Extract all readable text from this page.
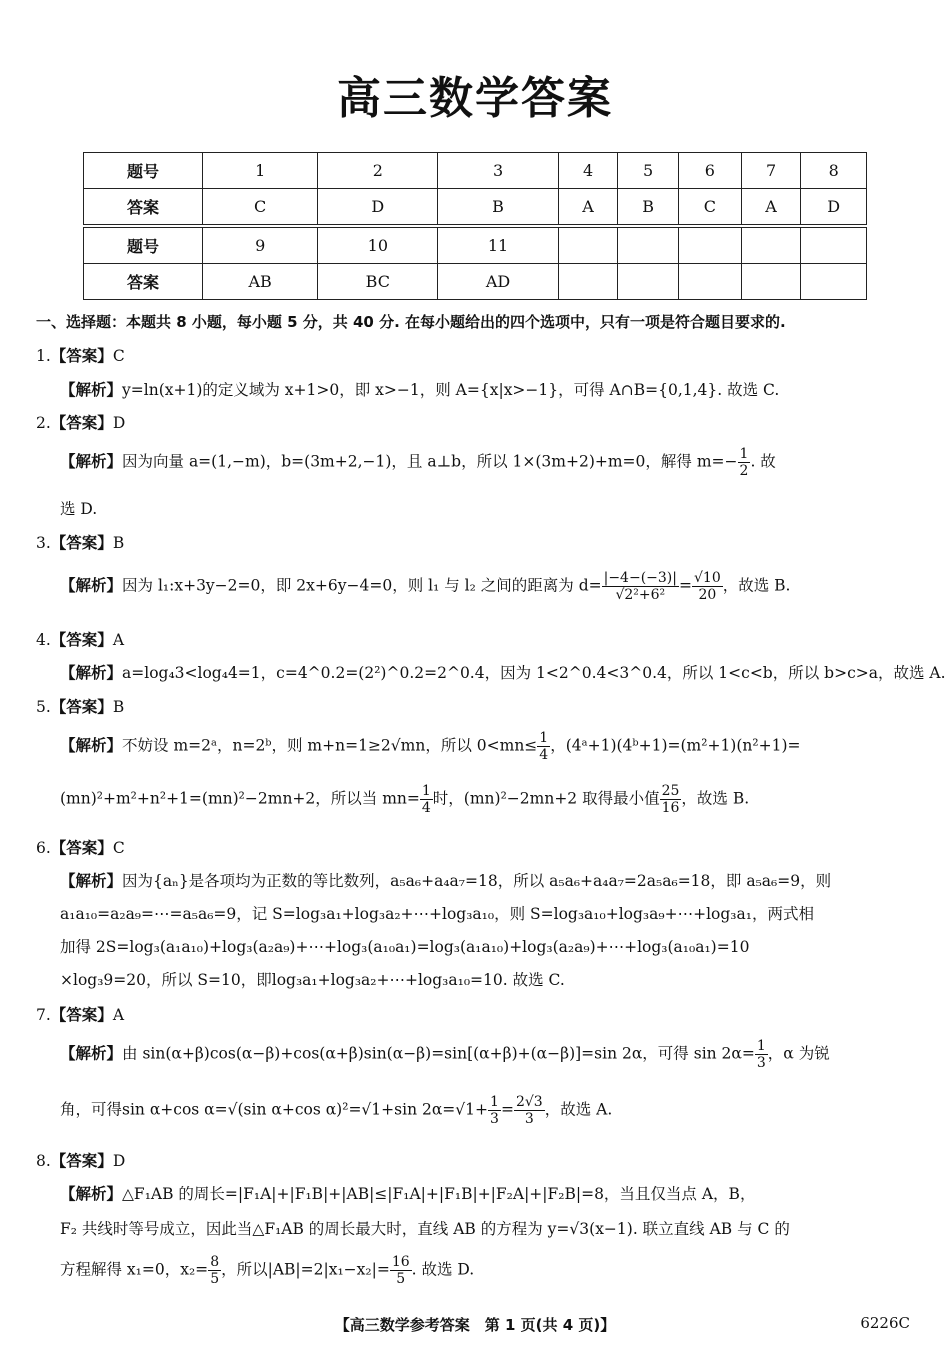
高三数学答案
题号	1	2	3	4	5	6	7	8
答案	C	D	B	A	B	C	A	D
题号	9	10	11					
答案	AB	BC	AD					
一、选择题：本题共 8 小题，每小题 5 分，共 40 分. 在每小题给出的四个选项中，只有一项是符合题目要求的.
1.【答案】C
【解析】y=ln(x+1)的定义域为 x+1>0，即 x>−1，则 A={x|x>−1}，可得 A∩B={0,1,4}. 故选 C.
2.【答案】D
【解析】因为向量 a=(1,−m)，b=(3m+2,−1)，且 a⊥b，所以 1×(3m+2)+m=0，解得 $m=- \frac{1}{2}$ . 故
选 D.
3.【答案】B
【解析】因为 l₁:x+3y−2=0，即 2x+6y−4=0，则 l₁ 与 l₂ 之间的距离为 $d= \frac{|-4-(-3)|}{\text{√2²+6²}} = \frac{√10}{20}$ ，故选 B.
4.【答案】A
【解析】a=log₄3<log₄4=1，c=4^0.2=(2²)^0.2=2^0.4，因为 1<2^0.4<3^0.4，所以 1<c<b，所以 b>c>a，故选 A.
5.【答案】B
【解析】不妨设 m=2ᵃ，n=2ᵇ，则 m+n=1≥2√mn，所以 $0<mn\le \frac{1}{4}$ ，(4ᵃ+1)(4ᵇ+1)=(m²+1)(n²+1)=
(mn)²+m²+n²+1=(mn)²−2mn+2，所以当 $mn= \frac{1}{4}$ 时，(mn)²−2mn+2 取得最小值 $\frac{25}{16}$ ，故选 B.
6.【答案】C
【解析】因为{aₙ}是各项均为正数的等比数列，a₅a₆+a₄a₇=18，所以 a₅a₆+a₄a₇=2a₅a₆=18，即 a₅a₆=9，则
a₁a₁₀=a₂a₉=⋯=a₅a₆=9，记 S=log₃a₁+log₃a₂+⋯+log₃a₁₀，则 S=log₃a₁₀+log₃a₉+⋯+log₃a₁，两式相
加得 2S=log₃(a₁a₁₀)+log₃(a₂a₉)+⋯+log₃(a₁₀a₁)=log₃(a₁a₁₀)+log₃(a₂a₉)+⋯+log₃(a₁₀a₁)=10
×log₃9=20，所以 S=10，即log₃a₁+log₃a₂+⋯+log₃a₁₀=10. 故选 C.
7.【答案】A
【解析】由 sin(α+β)cos(α−β)+cos(α+β)sin(α−β)=sin[(α+β)+(α−β)]=sin 2α，可得 $\sin 2\alpha= \frac{1}{3}$ ，α 为锐
角，可得sin α+cos α=√(sin α+cos α)²=√1+sin $2\alpha=√1+ \frac{1}{3} = \frac{2√3}{3}$ ，故选 A.
8.【答案】D
【解析】△F₁AB 的周长=|F₁A|+|F₁B|+|AB|≤|F₁A|+|F₁B|+|F₂A|+|F₂B|=8，当且仅当点 A，B，
F₂ 共线时等号成立，因此当△F₁AB 的周长最大时，直线 AB 的方程为 y=√3(x−1). 联立直线 AB 与 C 的
方程解得 x₁=0，$x_2= \frac{8}{5}$ ，所以$|AB|=2|x_1-x_2|= \frac{16}{5}$ . 故选 D.
【高三数学参考答案　第 1 页(共 4 页)】	6226C
